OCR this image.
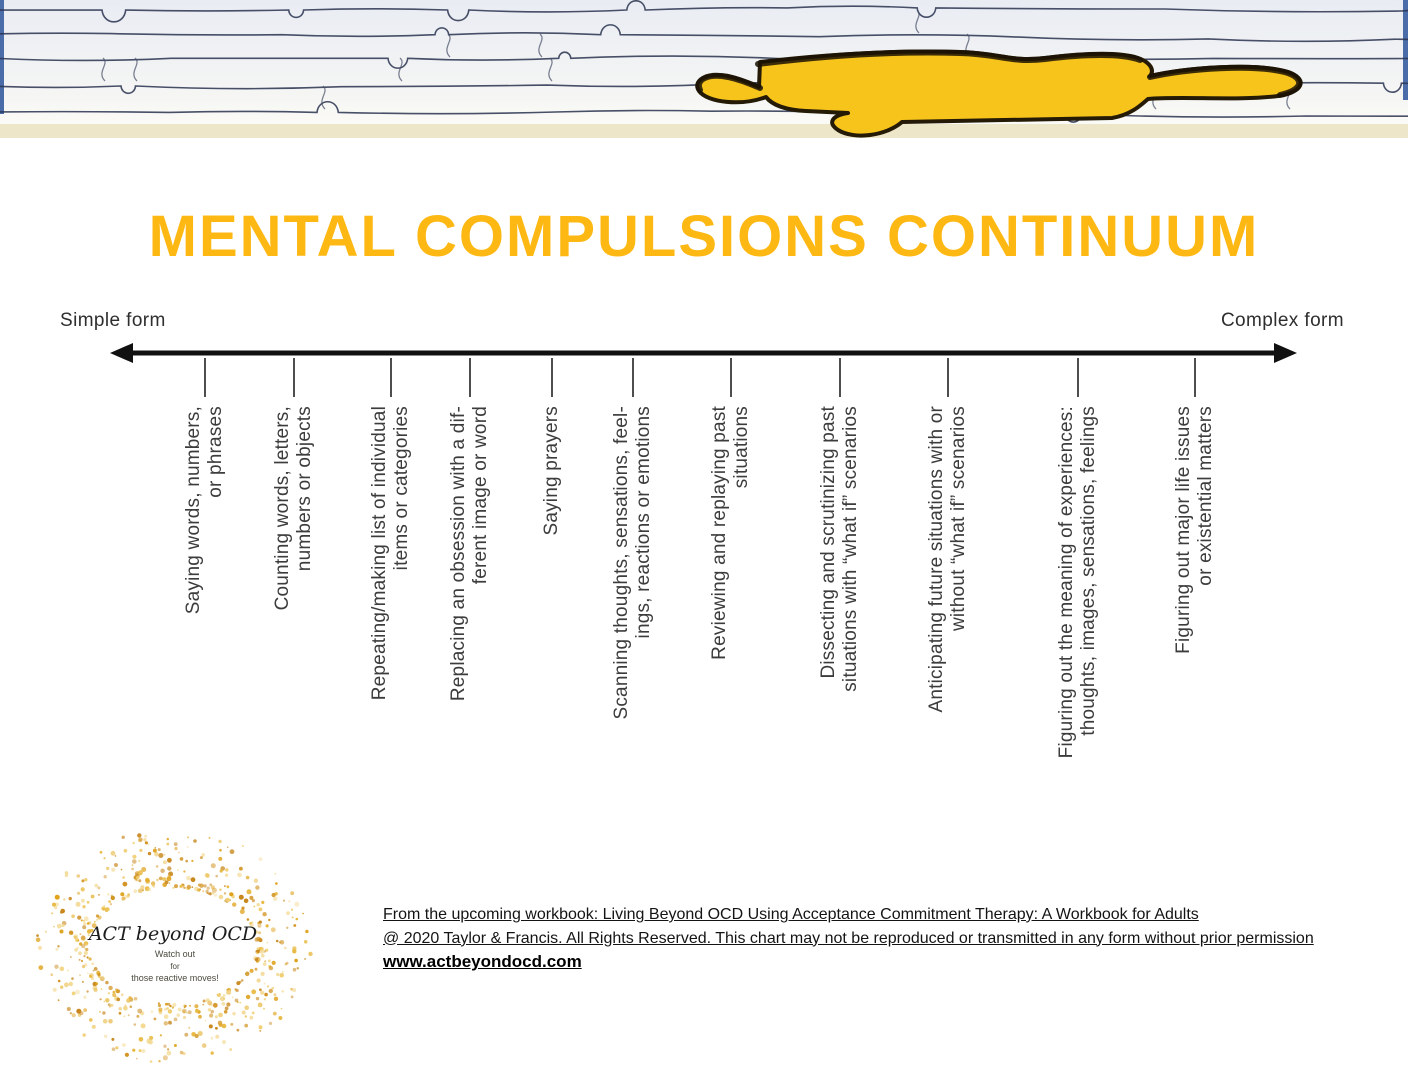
MENTAL COMPULSIONS CONTINUUM
Simple form	Complex form
Saying words, numbers, or phrases Counting words, letters, numbers or objects	Repeating/making list of individual items or categories Replacing an obsession with a dif- ferent image or word	Saying prayers	Scanning thoughts, sensations, feel- ings, reactions or emotions	Reviewing and replaying past situations	Dissecting and scrutinizing past situations with “what if” scenarios	Anticipating future situations with or without “what if” scenarios	Figuring out the meaning of experiences: thoughts, images, sensations, feelings	Figuring out major life issues or existential matters
ACT beyond OCD
Watch out
for
those reactive moves!
From the upcoming workbook: Living Beyond OCD Using Acceptance Commitment Therapy: A Workbook for Adults
@ 2020 Taylor & Francis. All Rights Reserved. This chart may not be reproduced or transmitted in any form without prior permission
www.actbeyondocd.com
